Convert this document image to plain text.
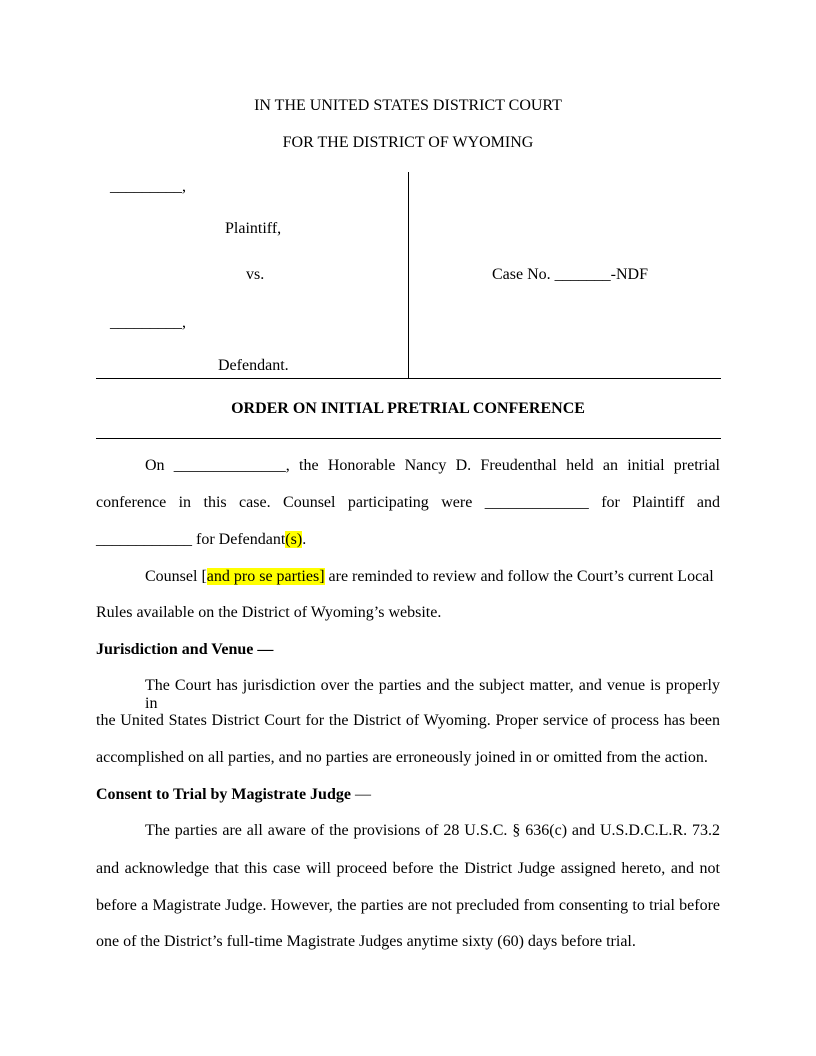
IN THE UNITED STATES DISTRICT COURT
FOR THE DISTRICT OF WYOMING
_________,
Plaintiff,
vs.
_________,
Defendant.
Case No. _______-NDF
ORDER ON INITIAL PRETRIAL CONFERENCE
On ______________, the Honorable Nancy D. Freudenthal held an initial pretrial
conference in this case. Counsel participating were _____________ for Plaintiff and
____________ for Defendant(s).
Counsel [and pro se parties] are reminded to review and follow the Court’s current Local
Rules available on the District of Wyoming’s website.
Jurisdiction and Venue —
The Court has jurisdiction over the parties and the subject matter, and venue is properly in
the United States District Court for the District of Wyoming. Proper service of process has been
accomplished on all parties, and no parties are erroneously joined in or omitted from the action.
Consent to Trial by Magistrate Judge —
The parties are all aware of the provisions of 28 U.S.C. § 636(c) and U.S.D.C.L.R. 73.2
and acknowledge that this case will proceed before the District Judge assigned hereto, and not
before a Magistrate Judge. However, the parties are not precluded from consenting to trial before
one of the District’s full-time Magistrate Judges anytime sixty (60) days before trial.
